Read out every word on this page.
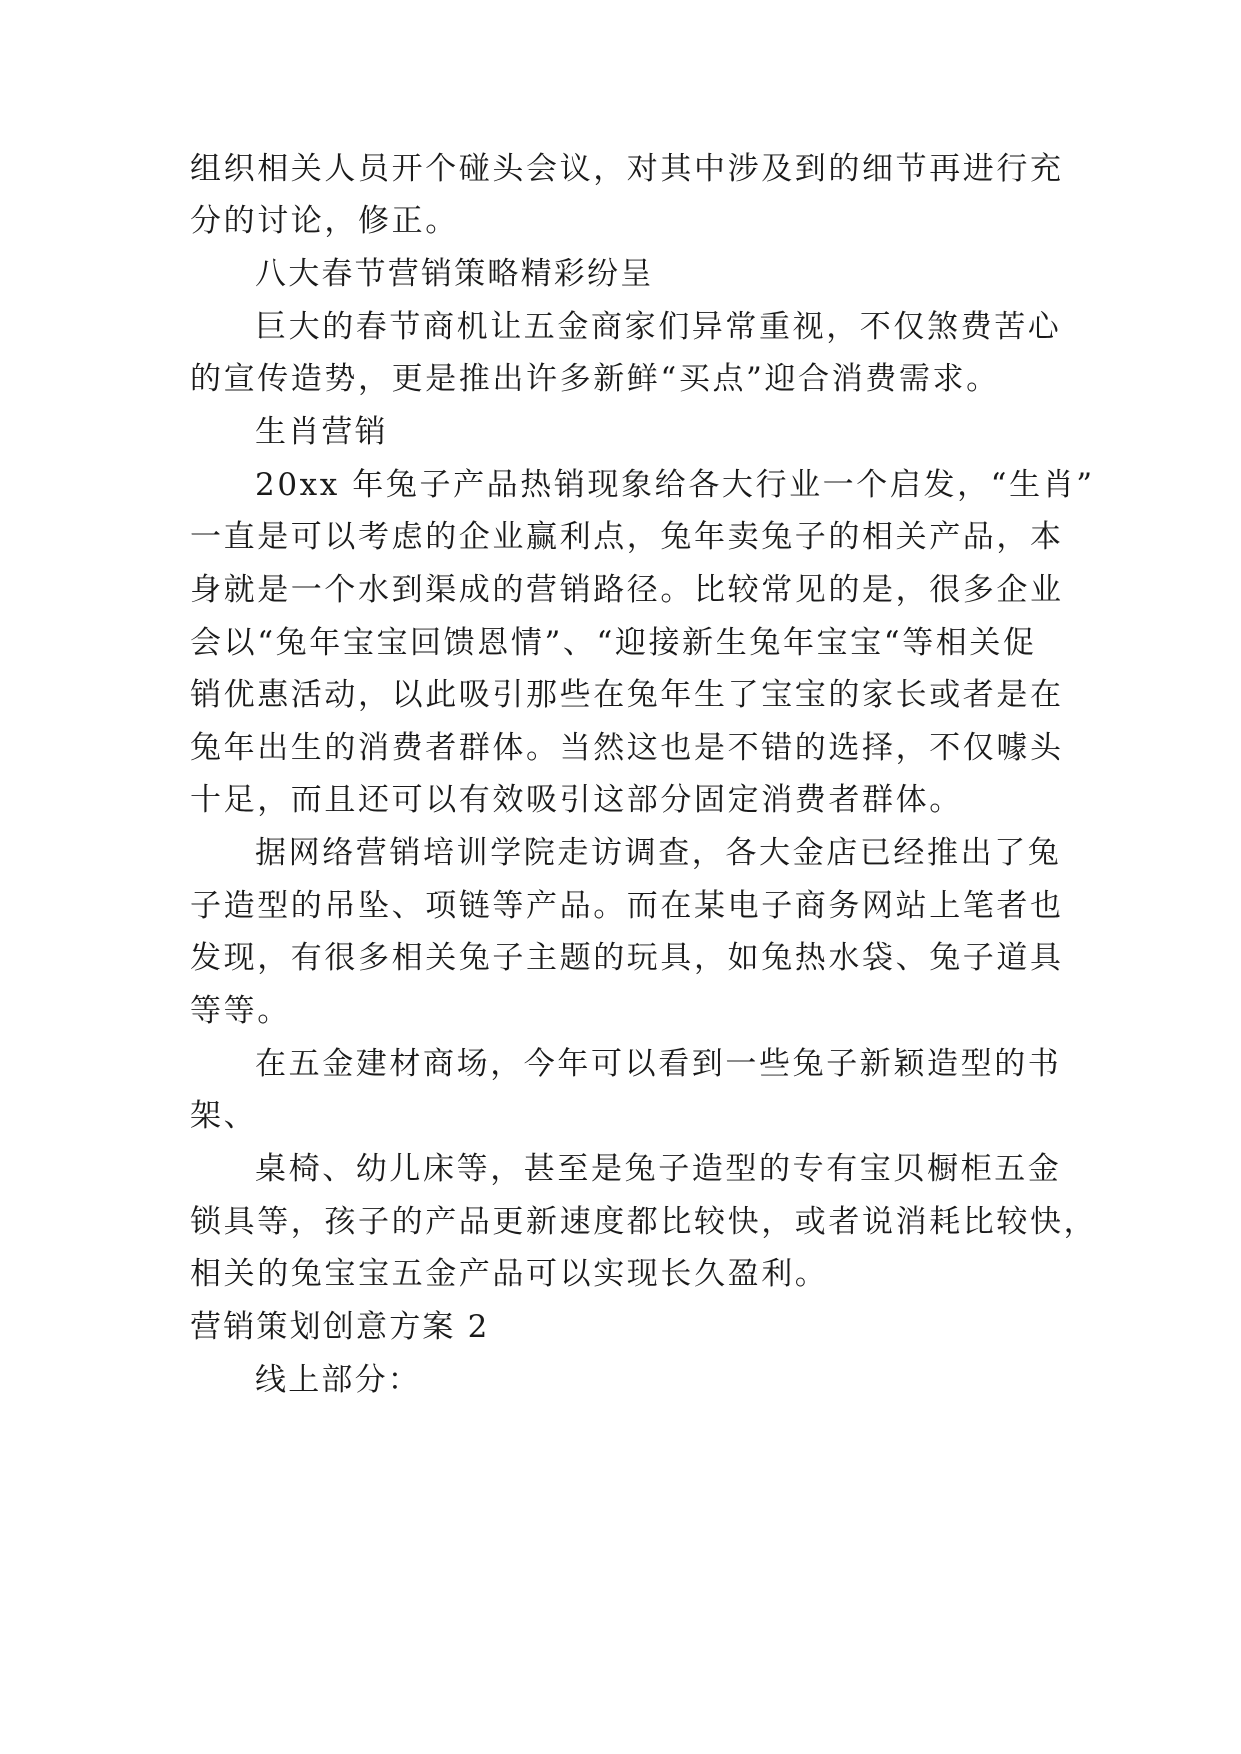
组织相关人员开个碰头会议，对其中涉及到的细节再进行充
分的讨论，修正。
八大春节营销策略精彩纷呈
巨大的春节商机让五金商家们异常重视，不仅煞费苦心
的宣传造势，更是推出许多新鲜“买点”迎合消费需求。
生肖营销
20xx 年兔子产品热销现象给各大行业一个启发，“生肖”
一直是可以考虑的企业赢利点，兔年卖兔子的相关产品，本
身就是一个水到渠成的营销路径。比较常见的是，很多企业
会以“兔年宝宝回馈恩情”、“迎接新生兔年宝宝“等相关促
销优惠活动，以此吸引那些在兔年生了宝宝的家长或者是在
兔年出生的消费者群体。当然这也是不错的选择，不仅噱头
十足，而且还可以有效吸引这部分固定消费者群体。
据网络营销培训学院走访调查，各大金店已经推出了兔
子造型的吊坠、项链等产品。而在某电子商务网站上笔者也
发现，有很多相关兔子主题的玩具，如兔热水袋、兔子道具
等等。
在五金建材商场，今年可以看到一些兔子新颖造型的书
架、
桌椅、幼儿床等，甚至是兔子造型的专有宝贝橱柜五金
锁具等，孩子的产品更新速度都比较快，或者说消耗比较快，
相关的兔宝宝五金产品可以实现长久盈利。
营销策划创意方案 2
线上部分：
